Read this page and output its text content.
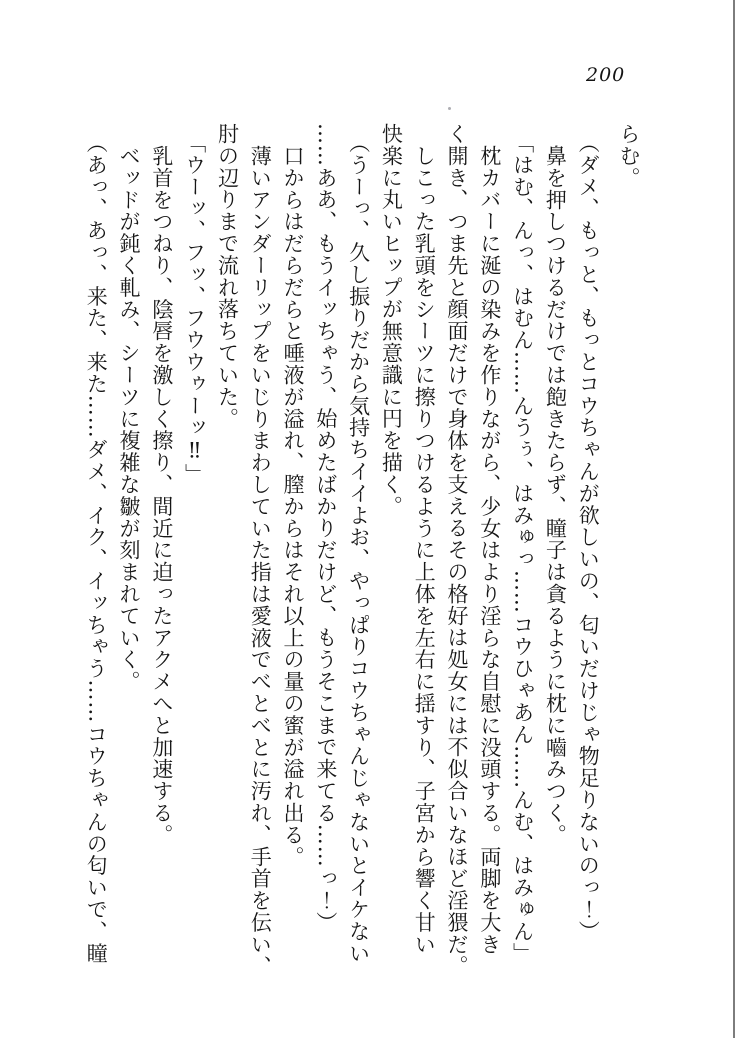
200

らむ。

（ダメ、もっと、もっとコウちゃんが欲しいの、匂いだけじゃ物足りないのっ！）

鼻を押しつけるだけでは飽きたらず、瞳子は貪るように枕に嚙みつく。

「はむ、んっ、はむん……んうぅ、はみゅっ……コウひゃあん……んむ、はみゅん」

枕カバーに涎の染みを作りながら、少女はより淫らな自慰に没頭する。両脚を大き

く開き、つま先と顔面だけで身体を支えるその格好は処女には不似合いなほど淫猥だ。

しこった乳頭をシーツに擦りつけるように上体を左右に揺すり、子宮から響く甘い

快楽に丸いヒップが無意識に円を描く。

（うーっ、久し振りだから気持ちイイよお、やっぱりコウちゃんじゃないとイケない

……ああ、もうイッちゃう、始めたばかりだけど、もうそこまで来てる……っ！）

口からはだらだらと唾液が溢れ、膣からはそれ以上の量の蜜が溢れ出る。

薄いアンダーリップをいじりまわしていた指は愛液でべとべとに汚れ、手首を伝い、

肘の辺りまで流れ落ちていた。

「ウーッ、フッ、フウウゥーッ‼」

乳首をつねり、陰唇を激しく擦り、間近に迫ったアクメへと加速する。

ベッドが鈍く軋み、シーツに複雑な皺が刻まれていく。

（あっ、あっ、来た、来た……ダメ、イク、イッちゃう……コウちゃんの匂いで、瞳
